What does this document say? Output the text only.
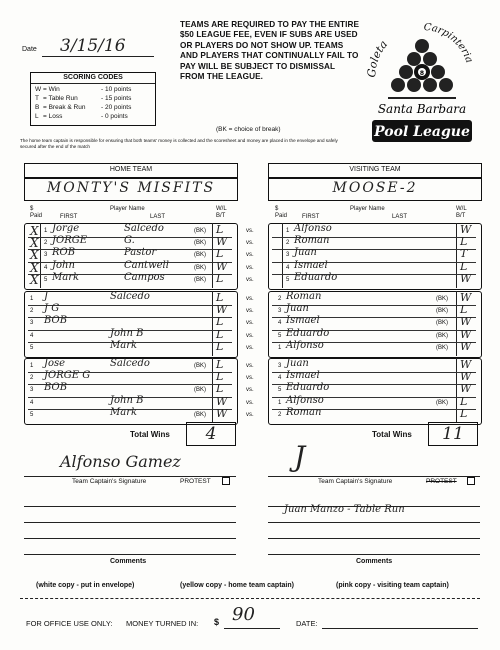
Date 3/15/16
SCORING CODES
W = Win	- 10 points
T = Table Run	- 15 points
B = Break & Run - 20 points
L = Loss	- 0 points
TEAMS ARE REQUIRED TO PAY THE ENTIRE $50 LEAGUE FEE, EVEN IF SUBS ARE USED OR PLAYERS DO NOT SHOW UP. TEAMS AND PLAYERS THAT CONTINUALLY FAIL TO PAY WILL BE SUBJECT TO DISMISSAL FROM THE LEAGUE.
(BK = choice of break)
The home team captain is responsible for ensuring that both teams' money is collected and the scoresheet and money are placed in the envelope and safely secured after the end of the match
8
Goleta
Carpinteria
Santa Barbara
Pool League
HOME TEAM
MONTY'S MISFITS
VISITING TEAM
MOOSE-2
$ Paid
Player Name
FIRST	LAST
W/L B/T
$ Paid
Player Name
FIRST	LAST
W/L B/T
vs.
X 1 Jorge	Salcedo	(BK) L	1 Alfonso	W
vs.
X 2 JORGE	G.	(BK) W	2 Roman	L
vs.
X 3 ROB	Pastor	(BK) L	3 Juan	T
vs.
X 4 John	Cantwell	(BK) W	4 Ismael	L
vs.
X 5 Mark	Campos	(BK) L	5 Eduardo	W
vs.
1 J	Salcedo	L	2 Roman	(BK) W
vs.
2 J G	W	3 Juan	(BK) L
vs.
3 BOB	L	4 Ismael	(BK) W
vs.
4	John B	L	5 Eduardo	(BK) W
vs.
5	Mark	L	1 Alfonso	(BK) W
vs.
1 Jose	Salcedo	(BK) L	3 Juan	W
vs.
2 JORGE G	L	4 Ismael	W
vs.
3 BOB	(BK) L	5 Eduardo	W
vs.
4	John B	W	1 Alfonso	(BK) L
vs.
5	Mark	(BK) W	2 Roman	L
Total Wins	4	Total Wins	11
Alfonso Gamez
Team Captain's Signature	PROTEST
J
Team Captain's Signature	PROTEST
Comments
Juan Manzo - Table Run
Comments
(white copy - put in envelope)	(yellow copy - home team captain)	(pink copy - visiting team captain)
FOR OFFICE USE ONLY: MONEY TURNED IN: $ 90	DATE:
